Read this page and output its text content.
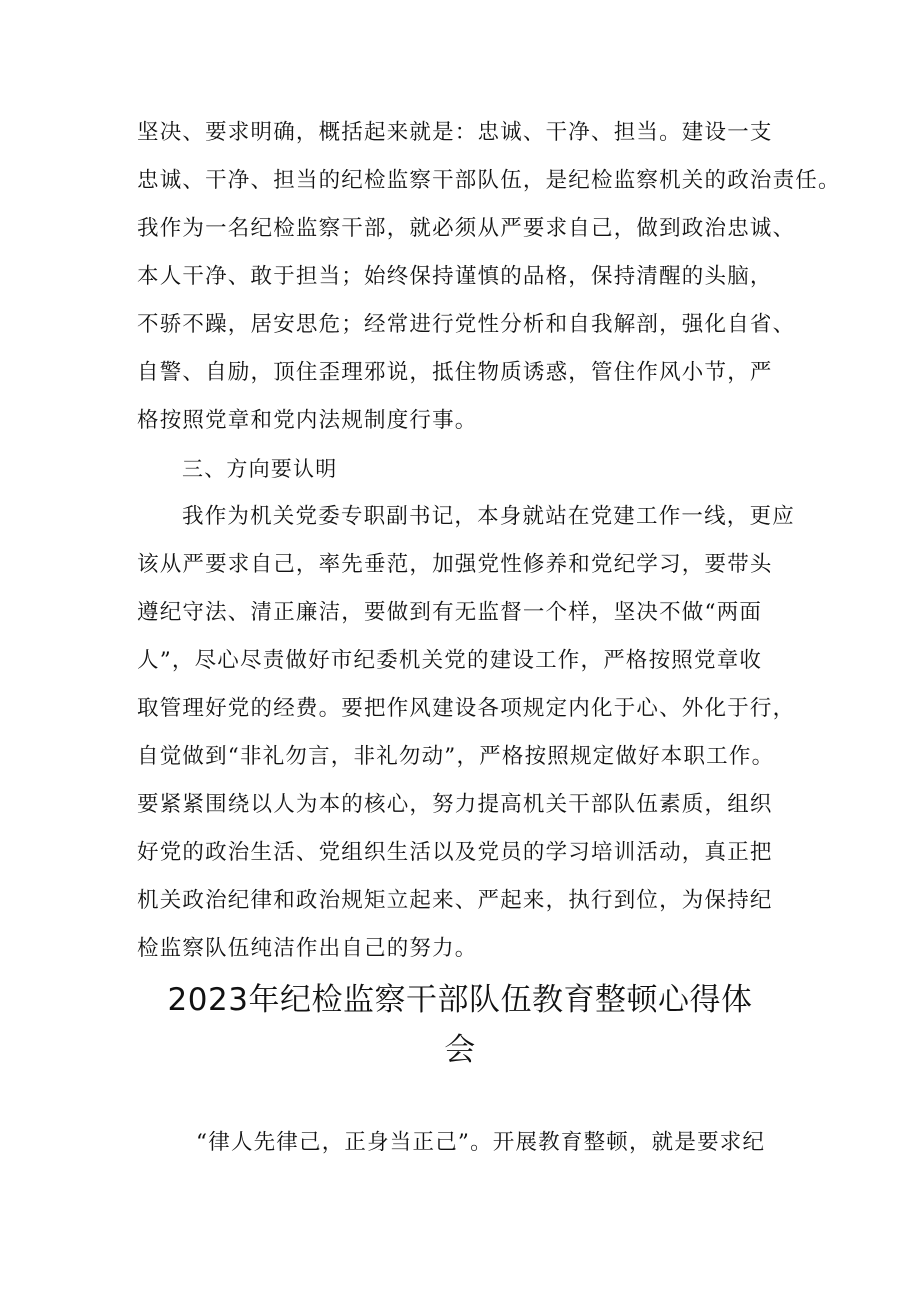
坚决、要求明确，概括起来就是：忠诚、干净、担当。建设一支
忠诚、干净、担当的纪检监察干部队伍，是纪检监察机关的政治责任。
我作为一名纪检监察干部，就必须从严要求自己，做到政治忠诚、
本人干净、敢于担当；始终保持谨慎的品格，保持清醒的头脑，
不骄不躁，居安思危；经常进行党性分析和自我解剖，强化自省、
自警、自励，顶住歪理邪说，抵住物质诱惑，管住作风小节，严
格按照党章和党内法规制度行事。
三、方向要认明
我作为机关党委专职副书记，本身就站在党建工作一线，更应
该从严要求自己，率先垂范，加强党性修养和党纪学习，要带头
遵纪守法、清正廉洁，要做到有无监督一个样，坚决不做“两面
人”，尽心尽责做好市纪委机关党的建设工作，严格按照党章收
取管理好党的经费。要把作风建设各项规定内化于心、外化于行，
自觉做到“非礼勿言，非礼勿动”，严格按照规定做好本职工作。
要紧紧围绕以人为本的核心，努力提高机关干部队伍素质，组织
好党的政治生活、党组织生活以及党员的学习培训活动，真正把
机关政治纪律和政治规矩立起来、严起来，执行到位，为保持纪
检监察队伍纯洁作出自己的努力。
2023年纪检监察干部队伍教育整顿心得体
会
“律人先律己，正身当正己”。开展教育整顿，就是要求纪
